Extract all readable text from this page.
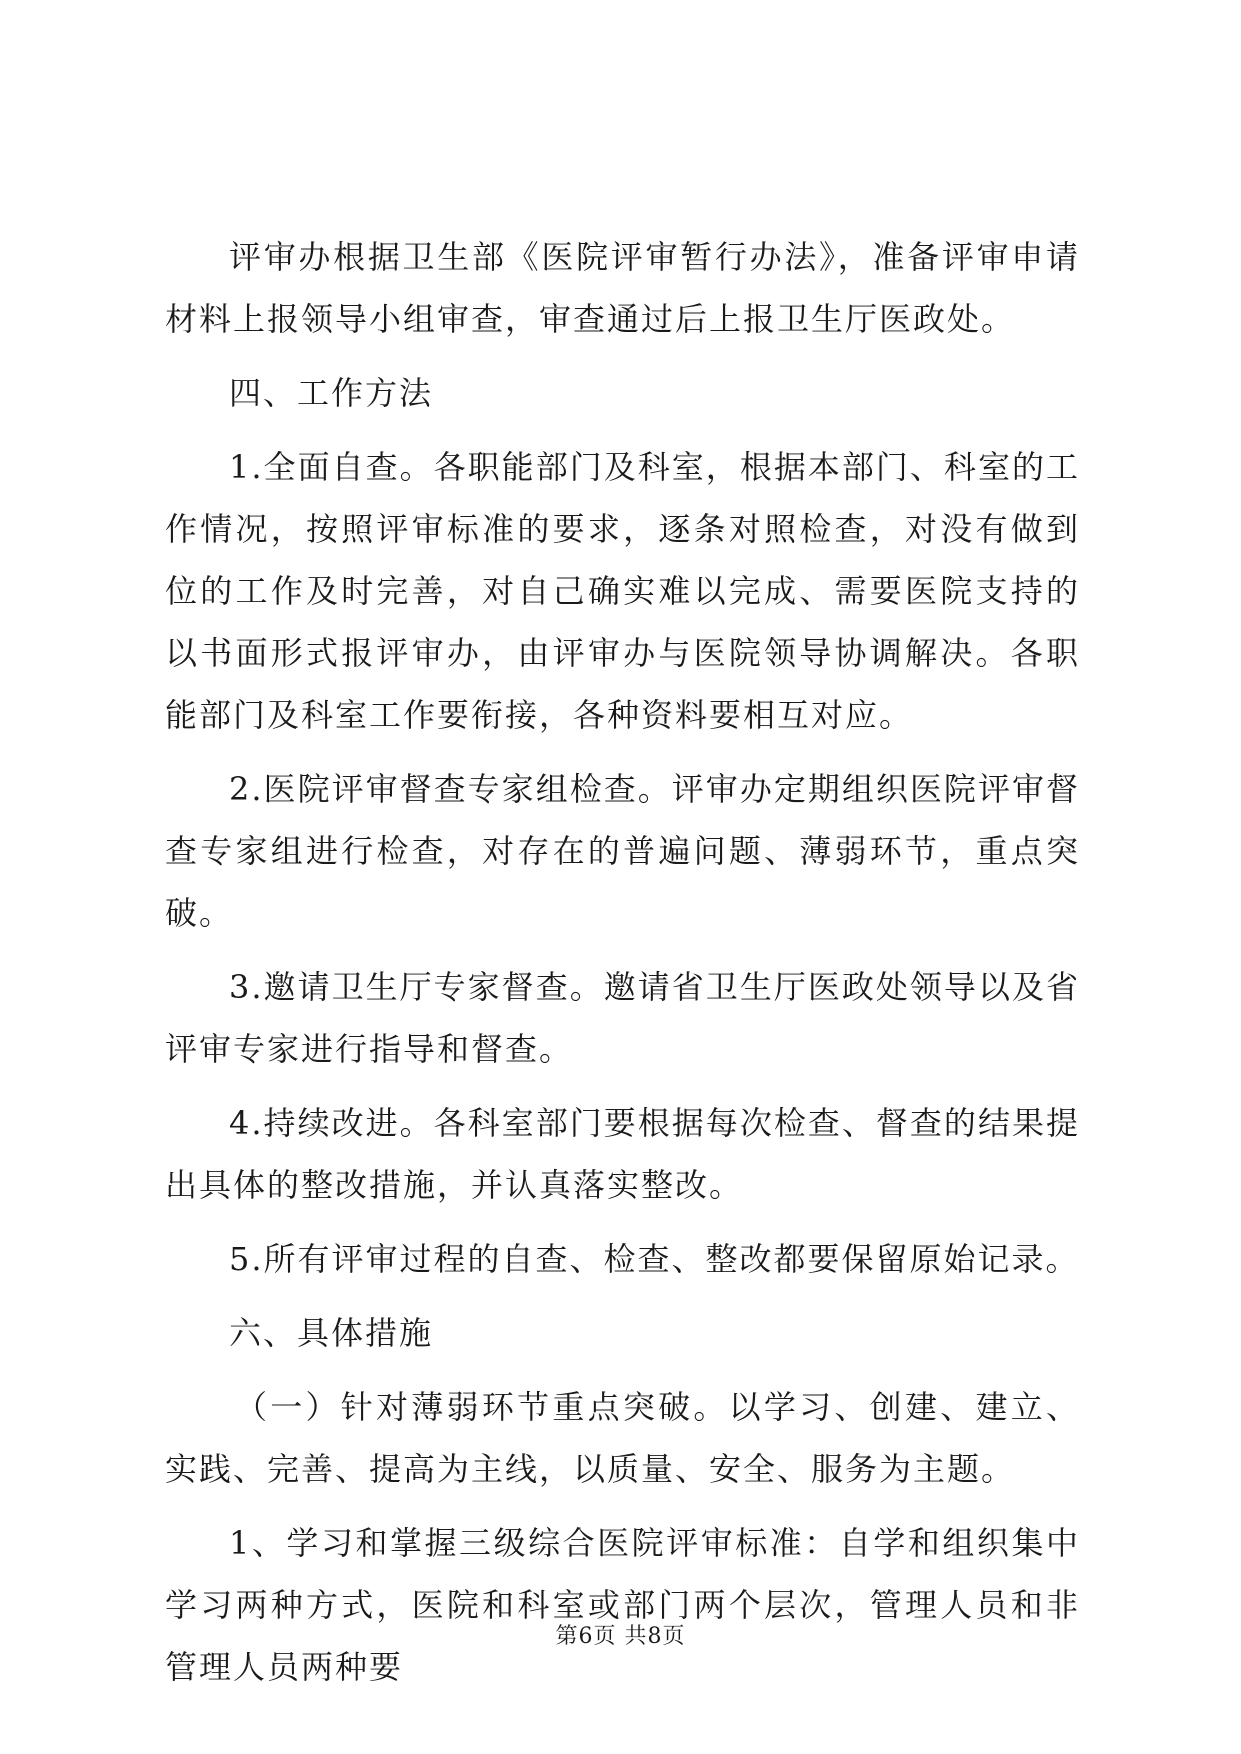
评审办根据卫生部《医院评审暂行办法》，准备评审申请材料上报领导小组审查，审查通过后上报卫生厅医政处。

四、工作方法

1.全面自查。各职能部门及科室，根据本部门、科室的工作情况，按照评审标准的要求，逐条对照检查，对没有做到位的工作及时完善，对自己确实难以完成、需要医院支持的以书面形式报评审办，由评审办与医院领导协调解决。各职能部门及科室工作要衔接，各种资料要相互对应。

2.医院评审督查专家组检查。评审办定期组织医院评审督查专家组进行检查，对存在的普遍问题、薄弱环节，重点突破。

3.邀请卫生厅专家督查。邀请省卫生厅医政处领导以及省评审专家进行指导和督查。

4.持续改进。各科室部门要根据每次检查、督查的结果提出具体的整改措施，并认真落实整改。

5.所有评审过程的自查、检查、整改都要保留原始记录。

六、具体措施

（一）针对薄弱环节重点突破。以学习、创建、建立、实践、完善、提高为主线，以质量、安全、服务为主题。

1、学习和掌握三级综合医院评审标准：自学和组织集中学习两种方式，医院和科室或部门两个层次，管理人员和非管理人员两种要

第6页 共8页
